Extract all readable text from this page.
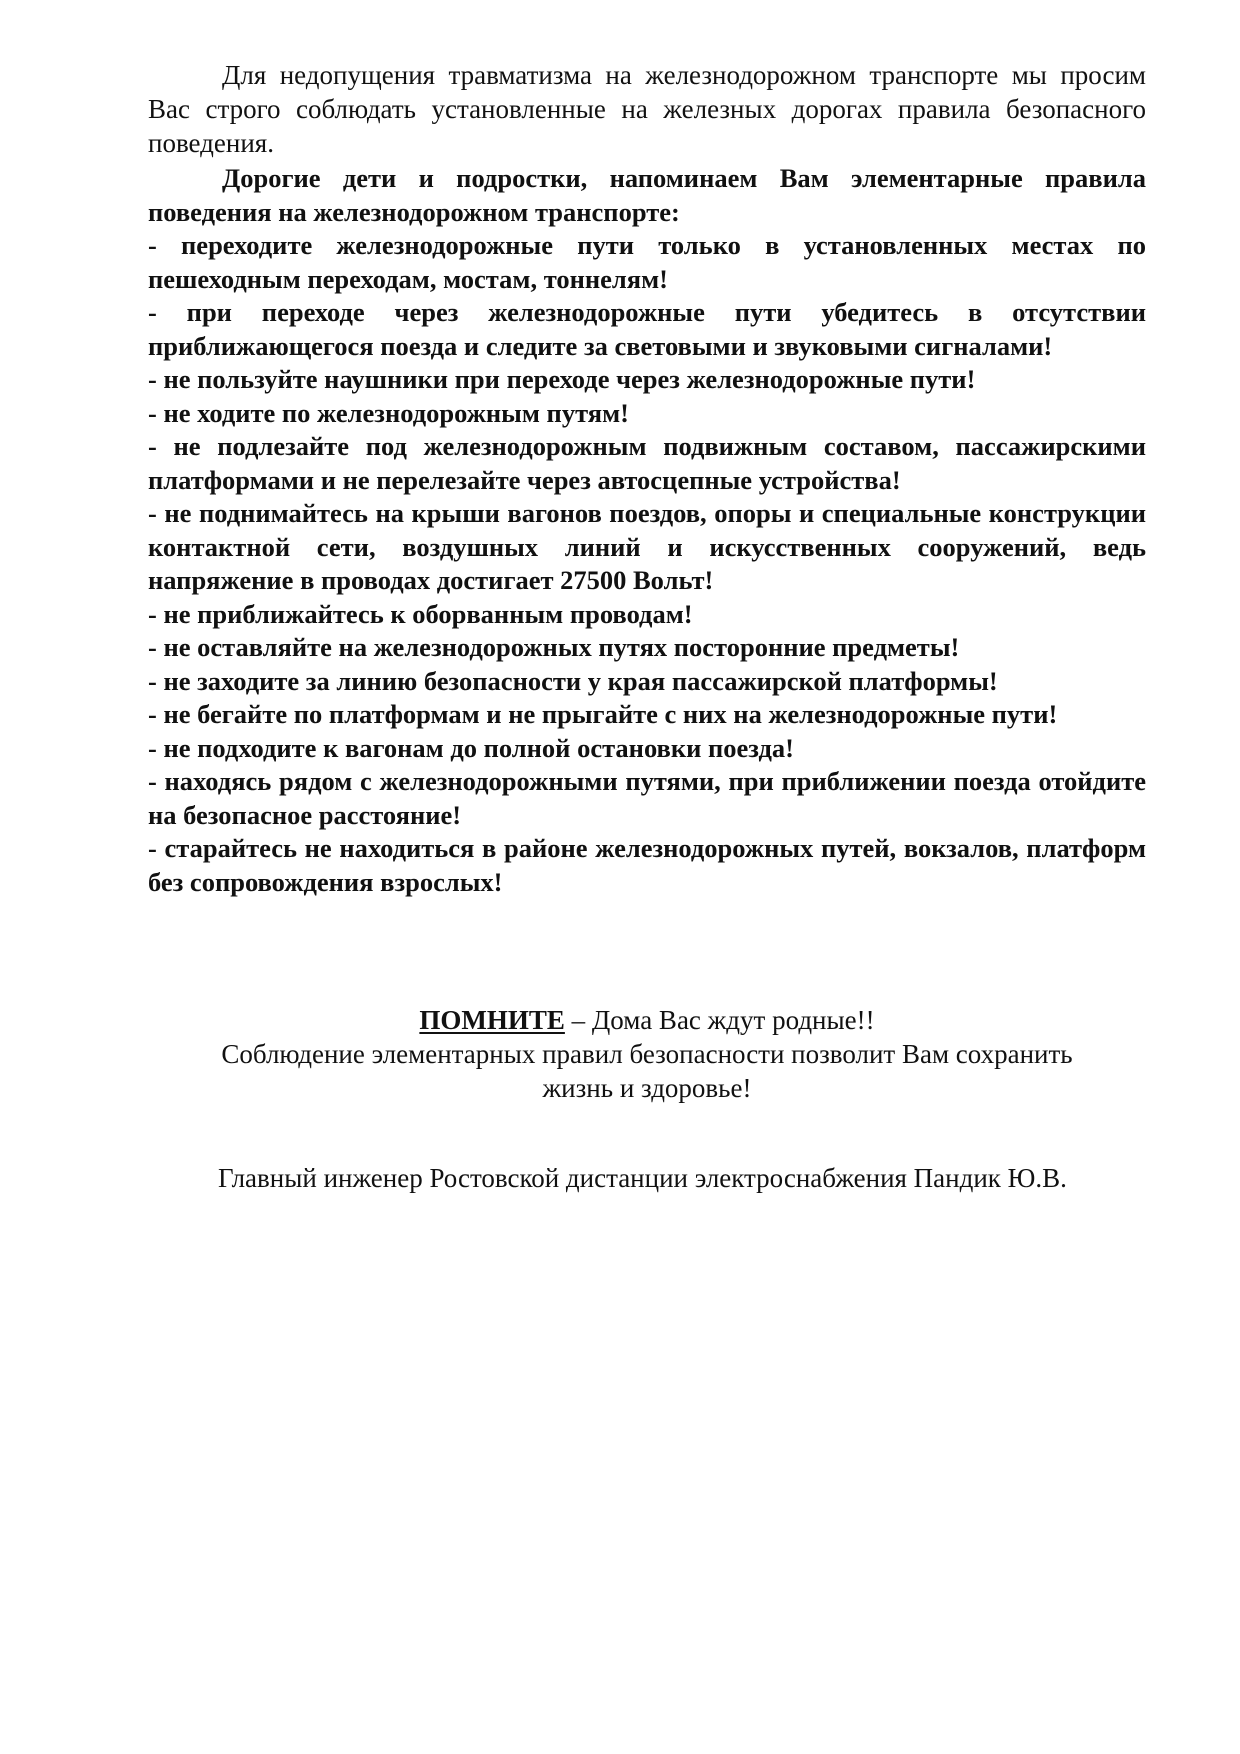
Для недопущения травматизма на железнодорожном транспорте мы просим Вас строго соблюдать установленные на железных дорогах правила безопасного поведения.

Дорогие дети и подростки, напоминаем Вам элементарные правила поведения на железнодорожном транспорте:

- переходите железнодорожные пути только в установленных местах по пешеходным переходам, мостам, тоннелям!

- при переходе через железнодорожные пути убедитесь в отсутствии приближающегося поезда и следите за световыми и звуковыми сигналами!

- не пользуйте наушники при переходе через железнодорожные пути!

- не ходите по железнодорожным путям!

- не подлезайте под железнодорожным подвижным составом, пассажирскими платформами и не перелезайте через автосцепные устройства!

- не поднимайтесь на крыши вагонов поездов, опоры и специальные конструкции контактной сети, воздушных линий и искусственных сооружений, ведь напряжение в проводах достигает 27500 Вольт!

- не приближайтесь к оборванным проводам!

- не оставляйте на железнодорожных путях посторонние предметы!

- не заходите за линию безопасности у края пассажирской платформы!

- не бегайте по платформам и не прыгайте с них на железнодорожные пути!

- не подходите к вагонам до полной остановки поезда!

- находясь рядом с железнодорожными путями, при приближении поезда отойдите на безопасное расстояние!

- старайтесь не находиться в районе железнодорожных путей, вокзалов, платформ без сопровождения взрослых!

ПОМНИТЕ – Дома Вас ждут родные!!

Соблюдение элементарных правил безопасности позволит Вам сохранить

жизнь и здоровье!

Главный инженер Ростовской дистанции электроснабжения Пандик Ю.В.
